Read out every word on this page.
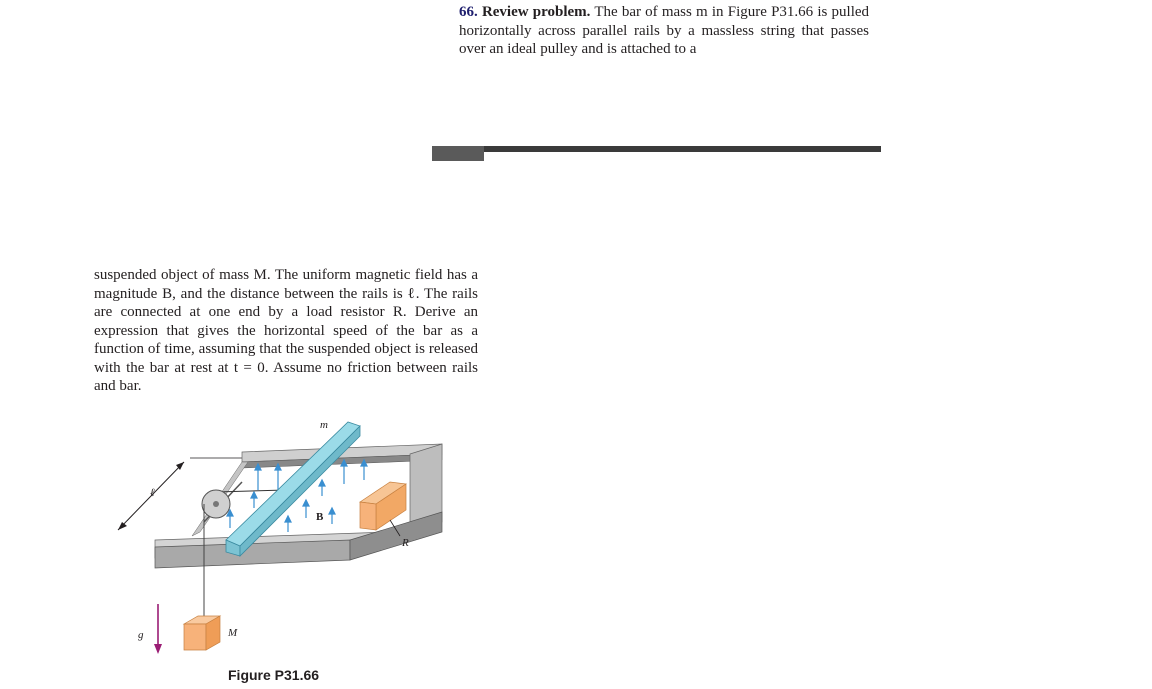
66. Review problem. The bar of mass m in Figure P31.66 is pulled horizontally across parallel rails by a massless string that passes over an ideal pulley and is attached to a
suspended object of mass M. The uniform magnetic field has a magnitude B, and the distance between the rails is ℓ. The rails are connected at one end by a load resistor R. Derive an expression that gives the horizontal speed of the bar as a function of time, assuming that the suspended object is released with the bar at rest at t = 0. Assume no friction between rails and bar.
ℓ
B
m
R
M
g
Figure P31.66
